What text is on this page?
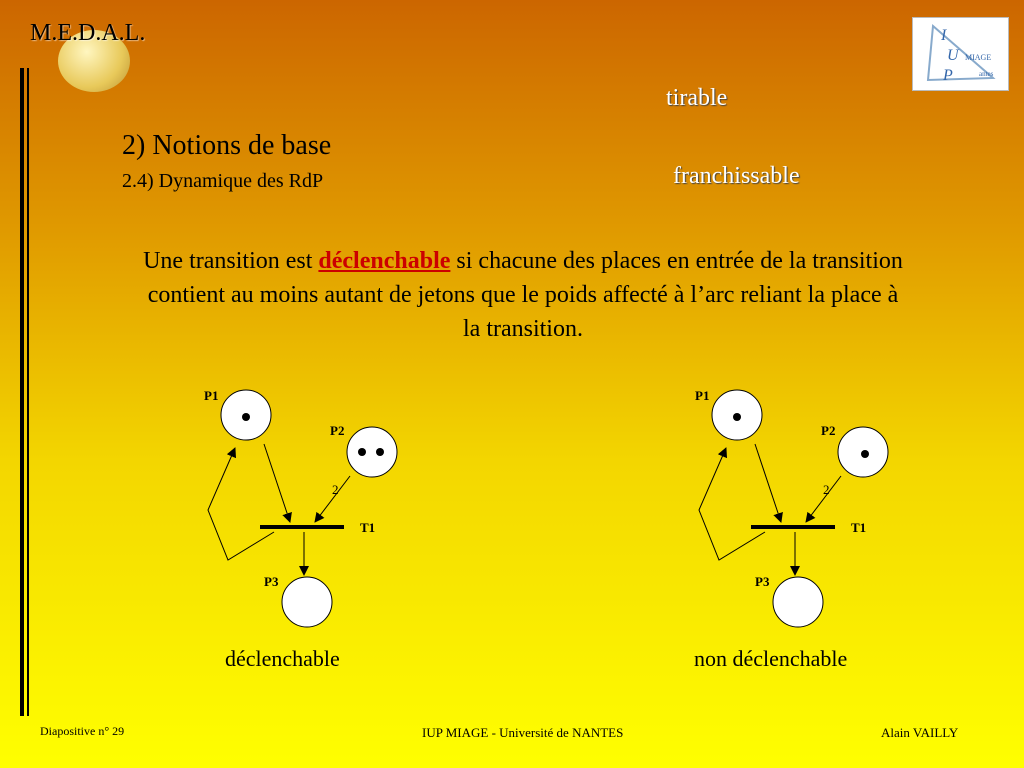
M.E.D.A.L.	I
U
P
MIAGE
antes
2) Notions de base
2.4) Dynamique des RdP
tirable
franchissable
Une transition est déclenchable si chacune des places en entrée de la transition contient au moins autant de jetons que le poids affecté à l’arc reliant la place à la transition.
P1
P2
2
T1
P3
déclenchable
P1
P2
2
T1
P3
non déclenchable
Diapositive n° 29	IUP MIAGE - Université de NANTES	Alain VAILLY
